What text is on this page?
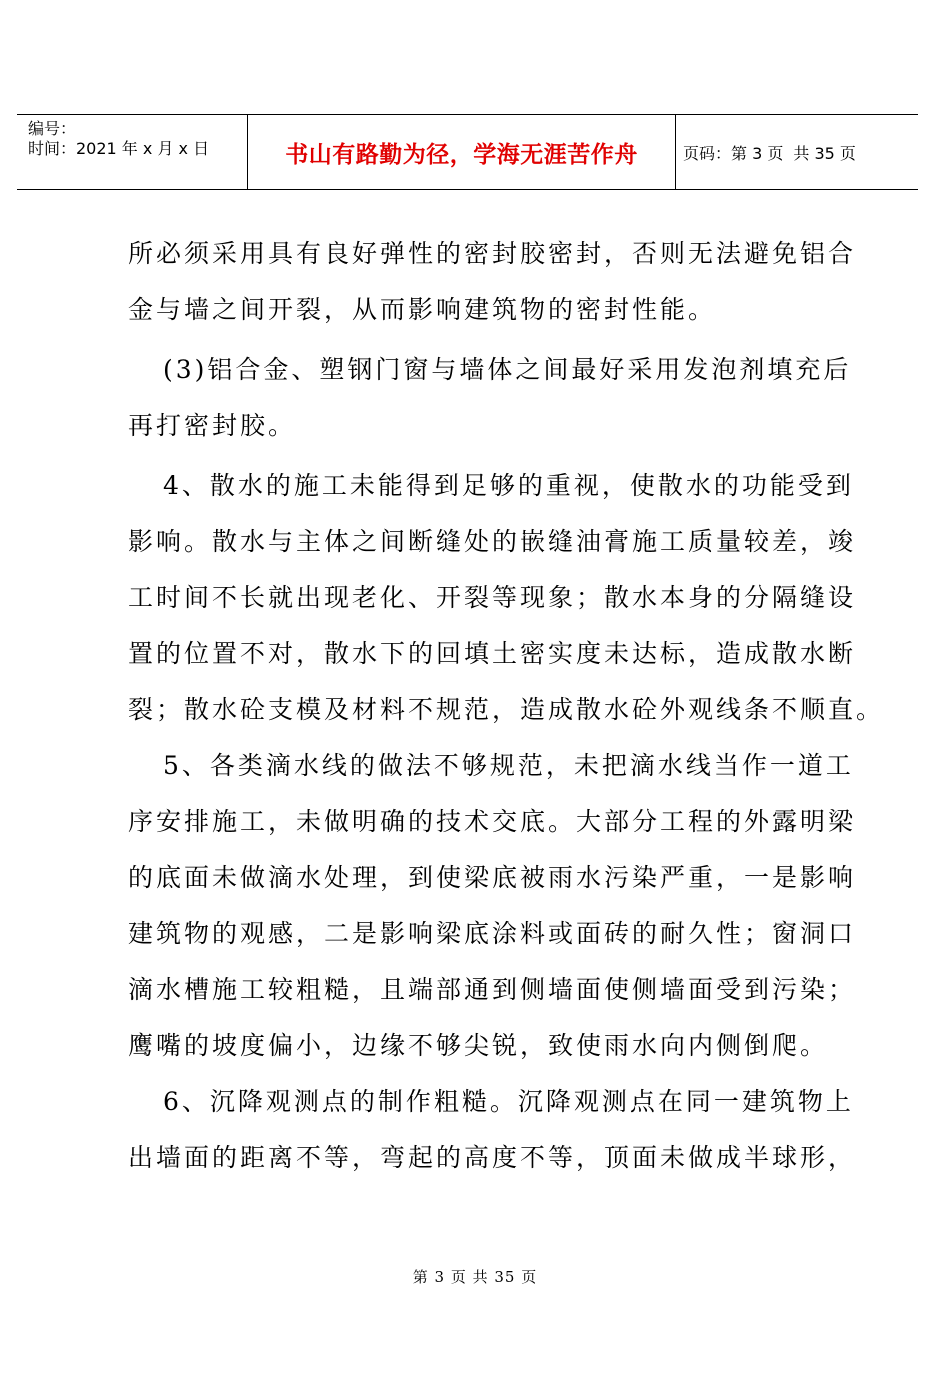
编号：
时间：2021 年 x 月 x 日	书山有路勤为径，学海无涯苦作舟	页码：第 3 页 共 35 页
所必须采用具有良好弹性的密封胶密封，否则无法避免铝合
金与墙之间开裂，从而影响建筑物的密封性能。
(3)铝合金、塑钢门窗与墙体之间最好采用发泡剂填充后
再打密封胶。
4、散水的施工未能得到足够的重视，使散水的功能受到
影响。散水与主体之间断缝处的嵌缝油膏施工质量较差，竣
工时间不长就出现老化、开裂等现象；散水本身的分隔缝设
置的位置不对，散水下的回填土密实度未达标，造成散水断
裂；散水砼支模及材料不规范，造成散水砼外观线条不顺直。
5、各类滴水线的做法不够规范，未把滴水线当作一道工
序安排施工，未做明确的技术交底。大部分工程的外露明梁
的底面未做滴水处理，到使梁底被雨水污染严重，一是影响
建筑物的观感，二是影响梁底涂料或面砖的耐久性；窗洞口
滴水槽施工较粗糙，且端部通到侧墙面使侧墙面受到污染；
鹰嘴的坡度偏小，边缘不够尖锐，致使雨水向内侧倒爬。
6、沉降观测点的制作粗糙。沉降观测点在同一建筑物上
出墙面的距离不等，弯起的高度不等，顶面未做成半球形，
第 3 页 共 35 页
